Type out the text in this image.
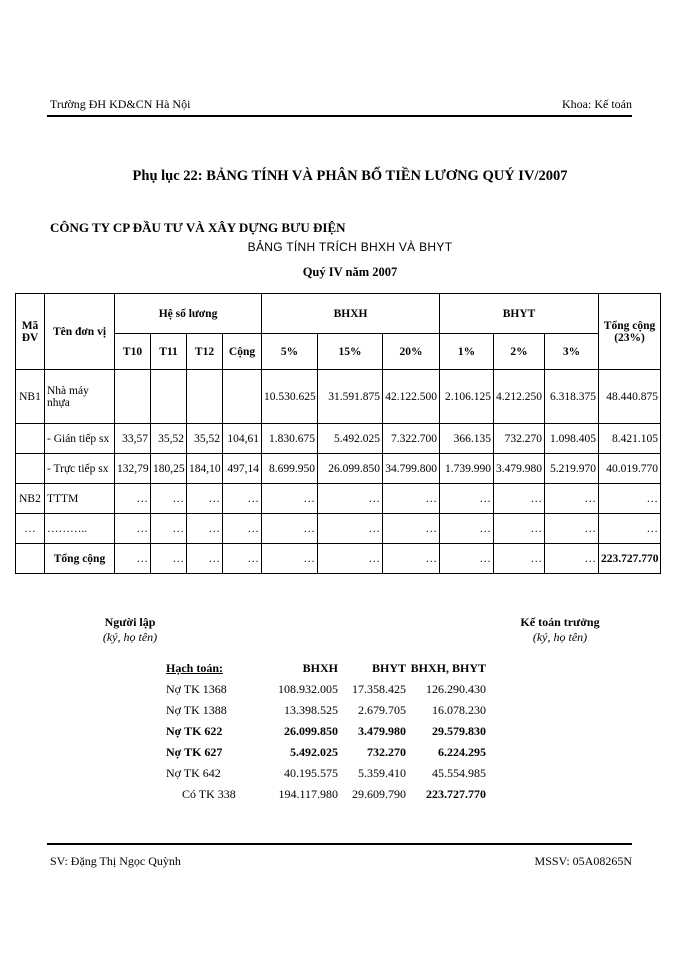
Trường ĐH KD&CN Hà Nội	Khoa: Kế toán
Phụ lục 22: BẢNG TÍNH VÀ PHÂN BỔ TIỀN LƯƠNG QUÝ IV/2007
CÔNG TY CP ĐẦU TƯ VÀ XÂY DỰNG BƯU ĐIỆN
BẢNG TÍNH TRÍCH BHXH VÀ BHYT
Quý IV năm 2007
Mã ĐV	Tên đơn vị	Hệ số lương				BHXH			BHYT			Tổng cộng (23%)
		T10	T11	T12	Cộng	5%	15%	20%	1%	2%	3%	
NB1	Nhà máy nhựa					10.530.625	31.591.875	42.122.500	2.106.125	4.212.250	6.318.375	48.440.875
	- Gián tiếp sx	33,57	35,52	35,52	104,61	1.830.675	5.492.025	7.322.700	366.135	732.270	1.098.405	8.421.105
	- Trực tiếp sx	132,79	180,25	184,10	497,14	8.699.950	26.099.850	34.799.800	1.739.990	3.479.980	5.219.970	40.019.770
NB2	TTTM	…	…	…	…	…	…	…	…	…	…	…
…	………..	…	…	…	…	…	…	…	…	…	…	…
	Tổng cộng	…	…	…	…	…	…	…	…	…	…	223.727.770
Người lập
(ký, họ tên)
Kế toán trưởng
(ký, họ tên)
Hạch toán:	BHXH	BHYT	BHXH, BHYT
Nợ TK 1368	108.932.005	17.358.425	126.290.430
Nợ TK 1388	13.398.525	2.679.705	16.078.230
Nợ TK 622	26.099.850	3.479.980	29.579.830
Nợ TK 627	5.492.025	732.270	6.224.295
Nợ TK 642	40.195.575	5.359.410	45.554.985
Có TK 338	194.117.980	29.609.790	223.727.770
SV: Đặng Thị Ngọc Quỳnh	MSSV: 05A08265N
